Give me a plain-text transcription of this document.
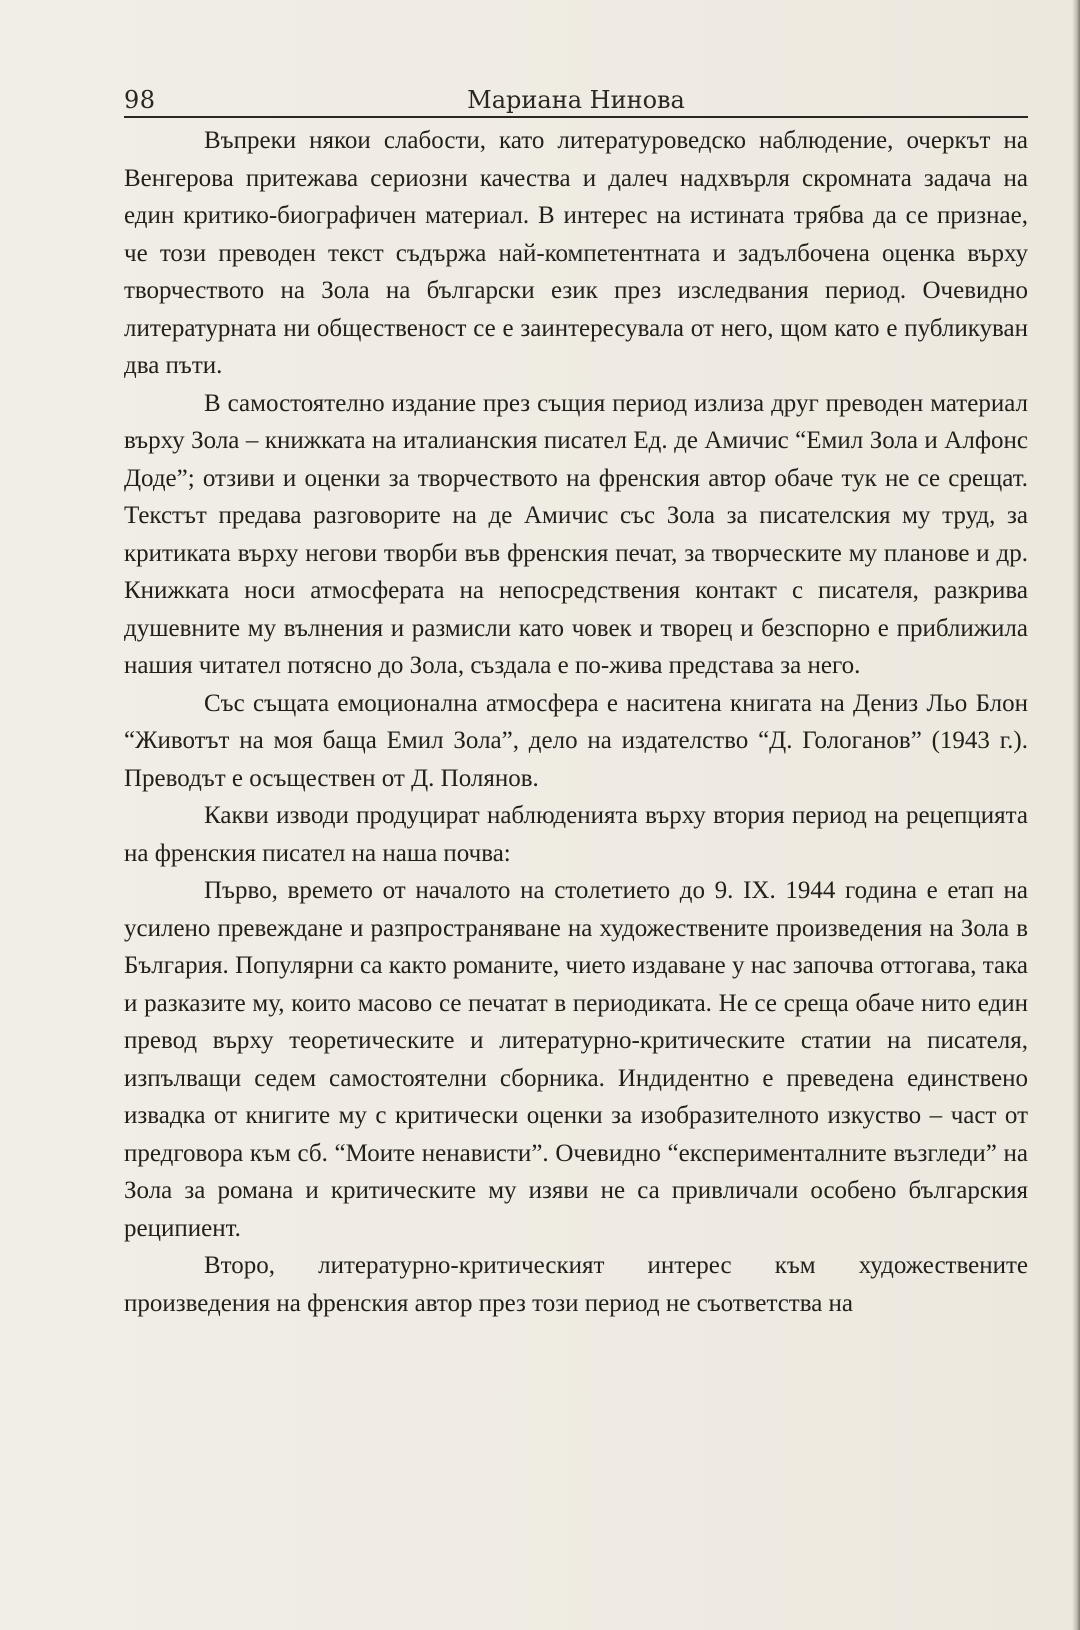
98	Мариана Нинова

Въпреки някои слабости, като литературоведско наблюдение, очеркът на Венгерова притежава сериозни качества и далеч надхвърля скромната задача на един критико-биографичен материал. В интерес на истината трябва да се признае, че този преводен текст съдържа най-компетентната и задълбочена оценка върху творчеството на Зола на български език през изследвания период. Очевидно литературната ни общественост се е заинтересувала от него, щом като е публикуван два пъти.

В самостоятелно издание през същия период излиза друг преводен материал върху Зола – книжката на италианския писател Ед. де Амичис “Емил Зола и Алфонс Доде”; отзиви и оценки за творчеството на френския автор обаче тук не се срещат. Текстът предава разговорите на де Амичис със Зола за писателския му труд, за критиката върху негови творби във френския печат, за творческите му планове и др. Книжката носи атмосферата на непосредствения контакт с писателя, разкрива душевните му вълнения и размисли като човек и творец и безспорно е приближила нашия читател потясно до Зола, създала е по-жива представа за него.

Със същата емоционална атмосфера е наситена книгата на Дениз Льо Блон “Животът на моя баща Емил Зола”, дело на издателство “Д. Гологанов” (1943 г.). Преводът е осъществен от Д. Полянов.

Какви изводи продуцират наблюденията върху втория период на рецепцията на френския писател на наша почва:

Първо, времето от началото на столетието до 9. IX. 1944 година е етап на усилено превеждане и разпространяване на художествените произведения на Зола в България. Популярни са както романите, чието издаване у нас започва оттогава, така и разказите му, които масово се печатат в периодиката. Не се среща обаче нито един превод върху теоретическите и литературно-критическите статии на писателя, изпълващи седем самостоятелни сборника. Индидентно е преведена единствено извадка от книгите му с критически оценки за изобразителното изкуство – част от предговора към сб. “Моите ненависти”. Очевидно “експерименталните възгледи” на Зола за романа и критическите му изяви не са привличали особено българския реципиент.

Второ, литературно-критическият интерес към художествените произведения на френския автор през този период не съответства на
